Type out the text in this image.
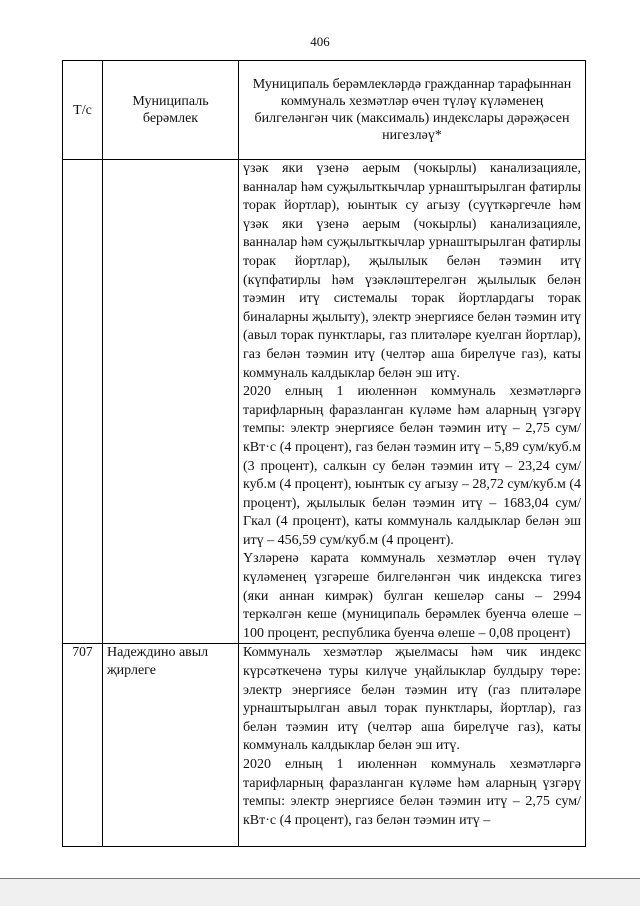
406
Т/с	Муниципаль берәмлек	Муниципаль берәмлекләрдә гражданнар тарафыннан коммуналь хезмәтләр өчен түләү күләменең билгеләнгән чик (максималь) индекслары дәрәҗәсен нигезләү*

		үзәк яки үзенә аерым (чокырлы) канализацияле, ванналар һәм суҗылыткычлар урнаштырылган фатирлы торак йортлар), юынтык су агызу (суүткәргечле һәм үзәк яки үзенә аерым (чокырлы) канализацияле, ванналар һәм суҗылыткычлар урнаштырылган фатирлы торак йортлар), җылылык белән тәэмин итү (күпфатирлы һәм үзәкләштерелгән җылылык белән тәэмин итү системалы торак йортлардагы торак биналарны җылыту), электр энергиясе белән тәэмин итү (авыл торак пунктлары, газ плитәләре куелган йортлар), газ белән тәэмин итү (челтәр аша бирелүче газ), каты коммуналь калдыклар белән эш итү.

2020 елның 1 июленнән коммуналь хезмәтләргә тарифларның фаразланган күләме һәм аларның үзгәрү темпы: электр энергиясе белән тәэмин итү – 2,75 сум/кВт·с (4 процент), газ белән тәэмин итү – 5,89 сум/куб.м (3 процент), салкын су белән тәэмин итү – 23,24 сум/куб.м (4 процент), юынтык су агызу – 28,72 сум/куб.м (4 процент), җылылык белән тәэмин итү – 1683,04 сум/Гкал (4 процент), каты коммуналь калдыклар белән эш итү – 456,59 сум/куб.м (4 процент).

Үзләренә карата коммуналь хезмәтләр өчен түләү күләменең үзгәреше билгеләнгән чик индекска тигез (яки аннан кимрәк) булган кешеләр саны – 2994 теркәлгән кеше (муниципаль берәмлек буенча өлеше – 100 процент, республика буенча өлеше – 0,08 процент)

707	Надеждино авыл җирлеге	Коммуналь хезмәтләр җыелмасы һәм чик индекс күрсәткеченә туры килүче уңайлыклар булдыру төре: электр энергиясе белән тәэмин итү (газ плитәләре урнаштырылган авыл торак пунктлары, йортлар), газ белән тәэмин итү (челтәр аша бирелүче газ), каты коммуналь калдыклар белән эш итү.

2020 елның 1 июленнән коммуналь хезмәтләргә тарифларның фаразланган күләме һәм аларның үзгәрү темпы: электр энергиясе белән тәэмин итү – 2,75 сум/кВт·с (4 процент), газ белән тәэмин итү –
